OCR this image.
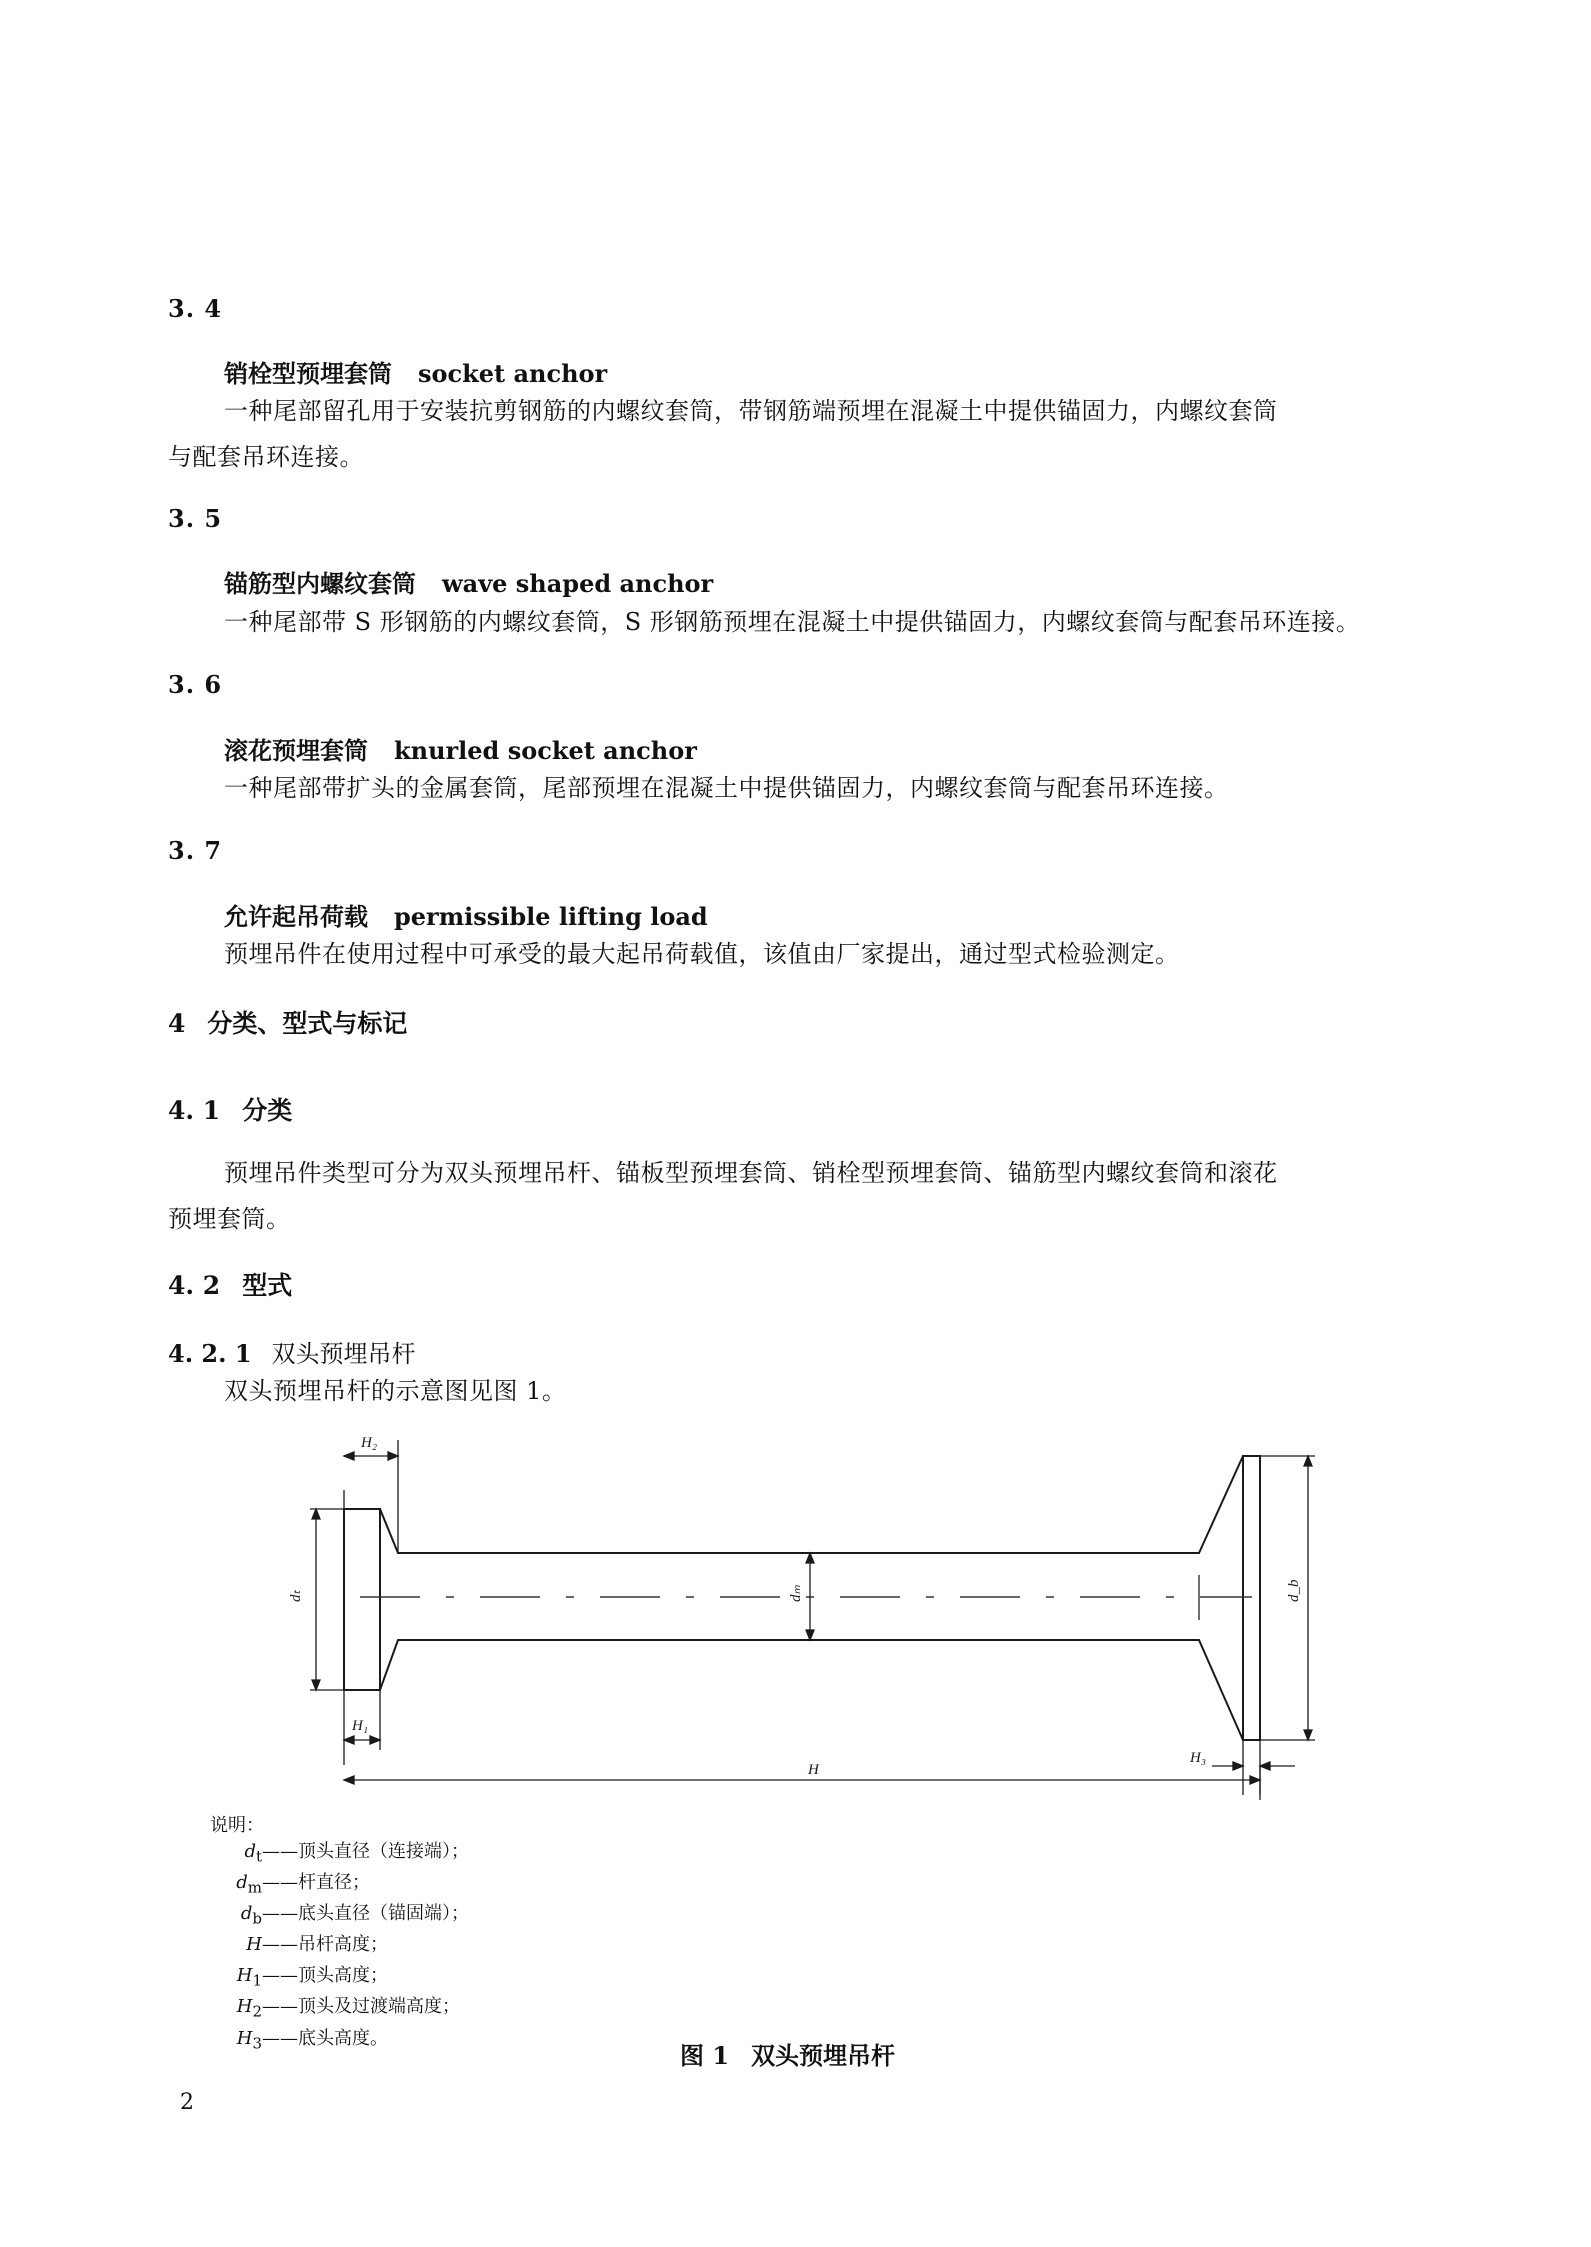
3. 4
销栓型预埋套筒 socket anchor
一种尾部留孔用于安装抗剪钢筋的内螺纹套筒，带钢筋端预埋在混凝土中提供锚固力，内螺纹套筒
与配套吊环连接。
3. 5
锚筋型内螺纹套筒 wave shaped anchor
一种尾部带 S 形钢筋的内螺纹套筒，S 形钢筋预埋在混凝土中提供锚固力，内螺纹套筒与配套吊环连接。
3. 6
滚花预埋套筒 knurled socket anchor
一种尾部带扩头的金属套筒，尾部预埋在混凝土中提供锚固力，内螺纹套筒与配套吊环连接。
3. 7
允许起吊荷载 permissible lifting load
预埋吊件在使用过程中可承受的最大起吊荷载值，该值由厂家提出，通过型式检验测定。
4 分类、型式与标记
4. 1 分类
预埋吊件类型可分为双头预埋吊杆、锚板型预埋套筒、销栓型预埋套筒、锚筋型内螺纹套筒和滚花
预埋套筒。
4. 2 型式
4. 2. 1 双头预埋吊杆
双头预埋吊杆的示意图见图 1。
H₂
H₁
H₃
H
dₜ	dₘ	d_b
说明：
$d_t——$顶头直径（连接端）；
$d_m——$杆直径；
$d_b——$底头直径（锚固端）；
H——吊杆高度；
$H_1——$顶头高度；
$H_2——$顶头及过渡端高度；
$H_3——$底头高度。
图 1 双头预埋吊杆
2
